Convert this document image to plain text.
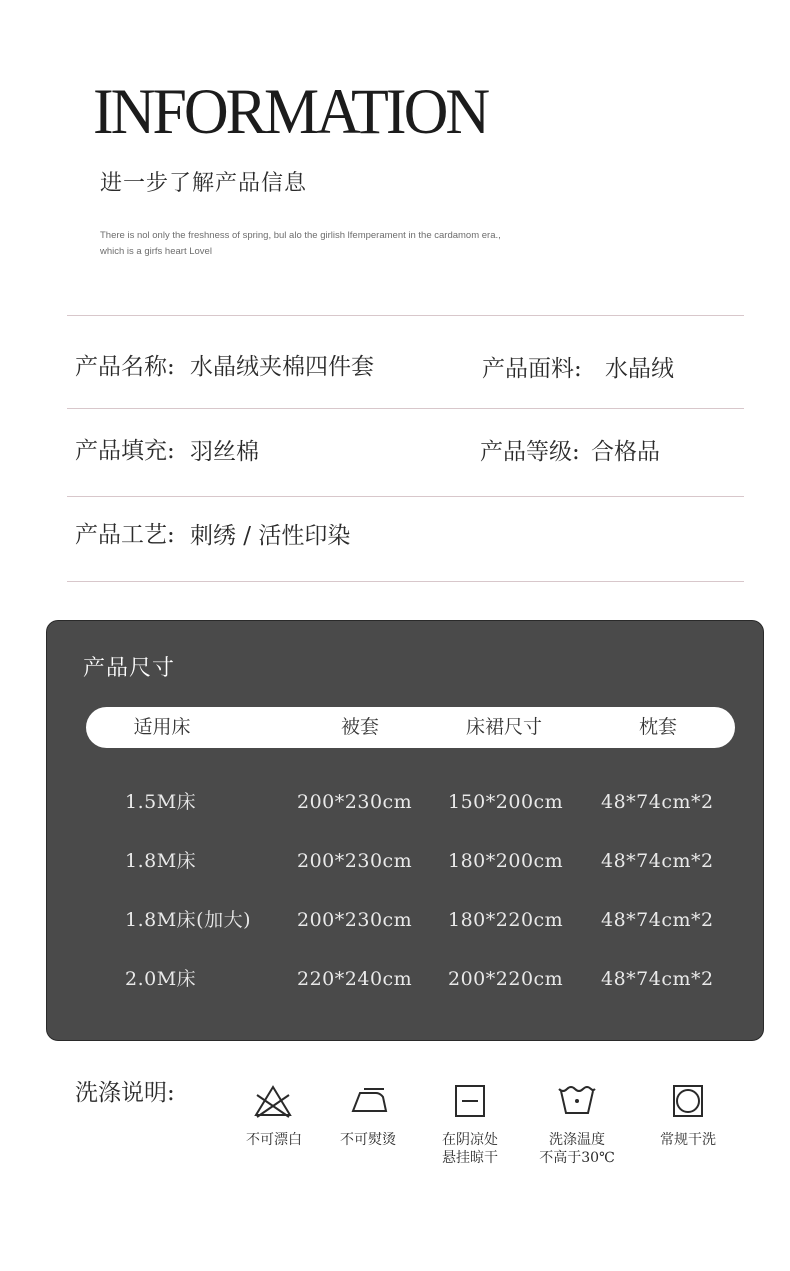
INFORMATION
进一步了解产品信息
There is nol only the freshness of spring, bul alo the girlish lfemperament in the cardamom era.,
which is a girfs heart Lovel
产品名称: 水晶绒夹棉四件套	产品面料: 水晶绒
产品填充: 羽丝棉	产品等级: 合格品
产品工艺: 刺绣 / 活性印染
产品尺寸
适用床	被套	床裙尺寸	枕套
1.5M床	200*230cm 150*200cm 48*74cm*2
1.8M床	200*230cm 180*200cm 48*74cm*2
1.8M床(加大) 200*230cm 180*220cm 48*74cm*2
2.0M床	220*240cm 200*220cm 48*74cm*2
洗涤说明:
不可漂白	不可熨烫	在阴凉处
悬挂晾干
洗涤温度
不高于30℃
常规干洗
